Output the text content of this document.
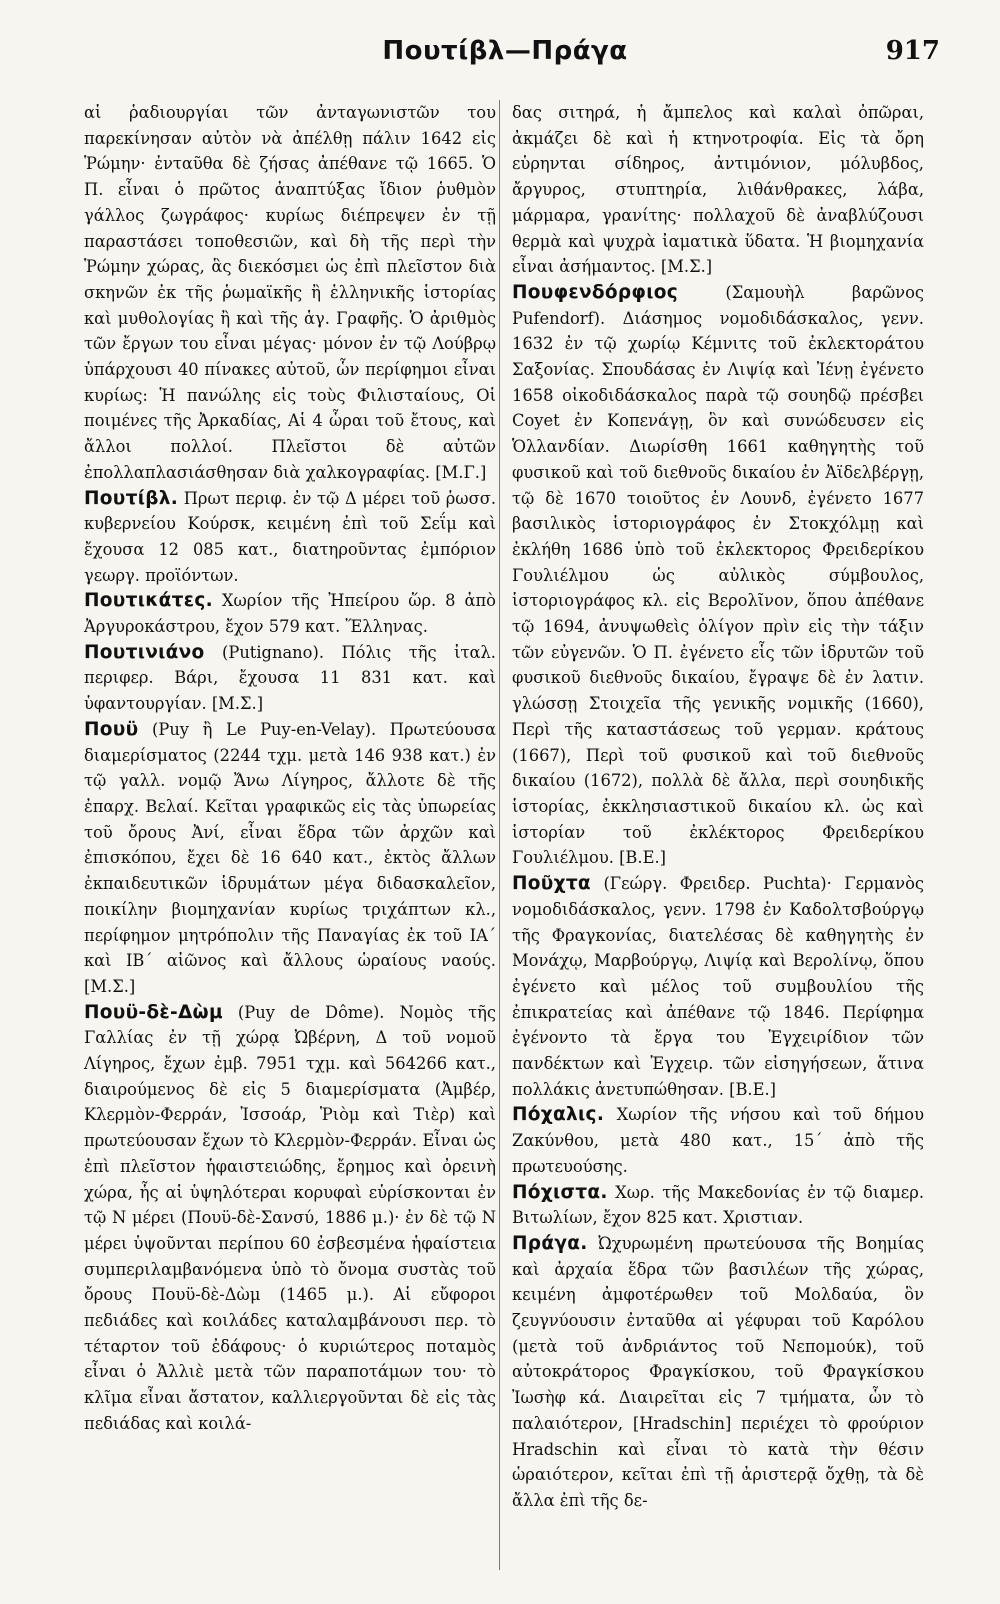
Πουτίβλ—Πράγα	917

αἱ ῥαδιουργίαι τῶν ἀνταγωνιστῶν του παρεκίνησαν αὐτὸν νὰ ἀπέλθῃ πάλιν 1642 εἰς Ῥώμην· ἐνταῦθα δὲ ζήσας ἀπέθανε τῷ 1665. Ὁ Π. εἶναι ὁ πρῶτος ἀναπτύξας ἴδιον ῥυθμὸν γάλλος ζωγράφος· κυρίως διέπρεψεν ἐν τῇ παραστάσει τοποθεσιῶν, καὶ δὴ τῆς περὶ τὴν Ῥώμην χώρας, ἃς διεκόσμει ὡς ἐπὶ πλεῖστον διὰ σκηνῶν ἐκ τῆς ῥωμαϊκῆς ἢ ἑλληνικῆς ἱστορίας καὶ μυθολογίας ἢ καὶ τῆς ἁγ. Γραφῆς. Ὁ ἀριθμὸς τῶν ἔργων του εἶναι μέγας· μόνον ἐν τῷ Λούβρῳ ὑπάρχουσι 40 πίνακες αὐτοῦ, ὧν περίφημοι εἶναι κυρίως: Ἡ πανώλης εἰς τοὺς Φιλισταίους, Οἱ ποιμένες τῆς Ἀρκαδίας, Αἱ 4 ὧραι τοῦ ἔτους, καὶ ἄλλοι πολλοί. Πλεῖστοι δὲ αὐτῶν ἐπολλαπλασιάσθησαν διὰ χαλκογραφίας. [Μ.Γ.]

Πουτίβλ. Πρωτ περιφ. ἐν τῷ Δ μέρει τοῦ ῥωσσ. κυβερνείου Κούρσκ, κειμένη ἐπὶ τοῦ Σεΐμ καὶ ἔχουσα 12 085 κατ., διατηροῦντας ἐμπόριον γεωργ. προϊόντων.

Πουτικάτες. Χωρίον τῆς Ἠπείρου ὥρ. 8 ἀπὸ Ἀργυροκάστρου, ἔχον 579 κατ. Ἕλληνας.

Πουτινιάνο (Putignano). Πόλις τῆς ἰταλ. περιφερ. Βάρι, ἔχουσα 11 831 κατ. καὶ ὑφαντουργίαν. [Μ.Σ.]

Πουϋ (Puy ἢ Le Puy-en-Velay). Πρωτεύουσα διαμερίσματος (2244 τχμ. μετὰ 146 938 κατ.) ἐν τῷ γαλλ. νομῷ Ἄνω Λίγηρος, ἄλλοτε δὲ τῆς ἐπαρχ. Βελαί. Κεῖται γραφικῶς εἰς τὰς ὑπωρείας τοῦ ὄρους Ἀνί, εἶναι ἕδρα τῶν ἀρχῶν καὶ ἐπισκόπου, ἔχει δὲ 16 640 κατ., ἐκτὸς ἄλλων ἐκπαιδευτικῶν ἱδρυμάτων μέγα διδασκαλεῖον, ποικίλην βιομηχανίαν κυρίως τριχάπτων κλ., περίφημον μητρόπολιν τῆς Παναγίας ἐκ τοῦ ΙΑ΄ καὶ ΙΒ΄ αἰῶνος καὶ ἄλλους ὡραίους ναούς. [Μ.Σ.]

Πουϋ-δὲ-Δὼμ (Puy de Dôme). Νομὸς τῆς Γαλλίας ἐν τῇ χώρᾳ Ὠβέρνη, Δ τοῦ νομοῦ Λίγηρος, ἔχων ἐμβ. 7951 τχμ. καὶ 564266 κατ., διαιρούμενος δὲ εἰς 5 διαμερίσματα (Ἀμβέρ, Κλερμὸν-Φερράν, Ἰσσοάρ, Ῥιὸμ καὶ Τιὲρ) καὶ πρωτεύουσαν ἔχων τὸ Κλερμὸν-Φερράν. Εἶναι ὡς ἐπὶ πλεῖστον ἡφαιστειώδης, ἔρημος καὶ ὀρεινὴ χώρα, ἧς αἱ ὑψηλότεραι κορυφαὶ εὑρίσκονται ἐν τῷ Ν μέρει (Πουϋ-δὲ-Σανσύ, 1886 μ.)· ἐν δὲ τῷ Ν μέρει ὑψοῦνται περίπου 60 ἐσβεσμένα ἡφαίστεια συμπεριλαμβανόμενα ὑπὸ τὸ ὄνομα συστὰς τοῦ ὄρους Πουϋ-δὲ-Δὼμ (1465 μ.). Αἱ εὔφοροι πεδιάδες καὶ κοιλάδες καταλαμβάνουσι περ. τὸ τέταρτον τοῦ ἐδάφους· ὁ κυριώτερος ποταμὸς εἶναι ὁ Ἀλλιὲ μετὰ τῶν παραποτάμων του· τὸ κλῖμα εἶναι ἄστατον, καλλιεργοῦνται δὲ εἰς τὰς πεδιάδας καὶ κοιλά-

δας σιτηρά, ἡ ἄμπελος καὶ καλαὶ ὀπῶραι, ἀκμάζει δὲ καὶ ἡ κτηνοτροφία. Εἰς τὰ ὄρη εὑρηνται σίδηρος, ἀντιμόνιον, μόλυβδος, ἄργυρος, στυπτηρία, λιθάνθρακες, λάβα, μάρμαρα, γρανίτης· πολλαχοῦ δὲ ἀναβλύζουσι θερμὰ καὶ ψυχρὰ ἰαματικὰ ὕδατα. Ἡ βιομηχανία εἶναι ἀσήμαντος. [Μ.Σ.]

Πουφενδόρφιος	(Σαμουὴλ βαρῶνος Pufendorf). Διάσημος νομοδιδάσκαλος, γενν. 1632 ἐν τῷ χωρίῳ Κέμνιτς τοῦ ἐκλεκτοράτου Σαξονίας. Σπουδάσας ἐν Λιψίᾳ καὶ Ἰένῃ ἐγένετο 1658 οἰκοδιδάσκαλος παρὰ τῷ σουηδῷ πρέσβει Coyet ἐν Κοπενάγῃ, ὃν καὶ συνώδευσεν εἰς Ὁλλανδίαν. Διωρίσθη 1661 καθηγητὴς τοῦ φυσικοῦ καὶ τοῦ διεθνοῦς δικαίου ἐν Ἀϊδελβέργῃ, τῷ δὲ 1670 τοιοῦτος ἐν Λουνδ, ἐγένετο 1677 βασιλικὸς ἱστοριογράφος ἐν Στοκχόλμῃ καὶ ἐκλήθη 1686 ὑπὸ τοῦ ἐκλεκτορος Φρειδερίκου Γουλιέλμου ὡς αὐλικὸς σύμβουλος, ἱστοριογράφος κλ. εἰς Βερολῖνον, ὅπου ἀπέθανε τῷ 1694, ἀνυψωθεὶς ὀλίγον πρὶν εἰς τὴν τάξιν τῶν εὐγενῶν. Ὁ Π. ἐγένετο εἷς τῶν ἱδρυτῶν τοῦ φυσικοῦ διεθνοῦς δικαίου, ἔγραψε δὲ ἐν λατιν. γλώσσῃ Στοιχεῖα τῆς γενικῆς νομικῆς (1660), Περὶ τῆς καταστάσεως τοῦ γερμαν. κράτους (1667), Περὶ τοῦ φυσικοῦ καὶ τοῦ διεθνοῦς δικαίου (1672), πολλὰ δὲ ἄλλα, περὶ σουηδικῆς ἱστορίας, ἐκκλησιαστικοῦ δικαίου κλ. ὡς καὶ ἱστορίαν τοῦ ἐκλέκτορος Φρειδερίκου Γουλιέλμου. [Β.Ε.]

Ποῦχτα (Γεώργ. Φρειδερ. Puchta)· Γερμανὸς νομοδιδάσκαλος, γενν. 1798 ἐν Καδολτσβούργῳ τῆς Φραγκονίας, διατελέσας δὲ καθηγητὴς ἐν Μονάχῳ, Μαρβούργῳ, Λιψίᾳ καὶ Βερολίνῳ, ὅπου ἐγένετο καὶ μέλος τοῦ συμβουλίου τῆς ἐπικρατείας καὶ ἀπέθανε τῷ 1846. Περίφημα ἐγένοντο τὰ ἔργα του Ἐγχειρίδιον τῶν πανδέκτων καὶ Ἐγχειρ. τῶν εἰσηγήσεων, ἅτινα πολλάκις ἀνετυπώθησαν. [Β.Ε.]

Πόχαλις. Χωρίον τῆς νήσου καὶ τοῦ δήμου Ζακύνθου, μετὰ 480 κατ., 15΄ ἀπὸ τῆς πρωτευούσης.

Πόχιστα. Χωρ. τῆς Μακεδονίας ἐν τῷ διαμερ. Βιτωλίων, ἔχον 825 κατ. Χριστιαν.

Πράγα. Ὠχυρωμένη πρωτεύουσα τῆς Βοημίας καὶ ἀρχαία ἕδρα τῶν βασιλέων τῆς χώρας, κειμένη ἀμφοτέρωθεν τοῦ Μολδαύα, ὃν ζευγνύουσιν ἐνταῦθα αἱ γέφυραι τοῦ Καρόλου (μετὰ τοῦ ἀνδριάντος τοῦ Νεπομούκ), τοῦ αὐτοκράτορος Φραγκίσκου, τοῦ Φραγκίσκου Ἰωσὴφ κά. Διαιρεῖται εἰς 7 τμήματα, ὧν τὸ παλαιότερον, [Hradschin] περιέχει τὸ φρούριον Hradschin καὶ εἶναι τὸ κατὰ τὴν θέσιν ὡραιότερον, κεῖται ἐπὶ τῇ ἀριστερᾷ ὄχθῃ, τὰ δὲ ἄλλα ἐπὶ τῆς δε-
